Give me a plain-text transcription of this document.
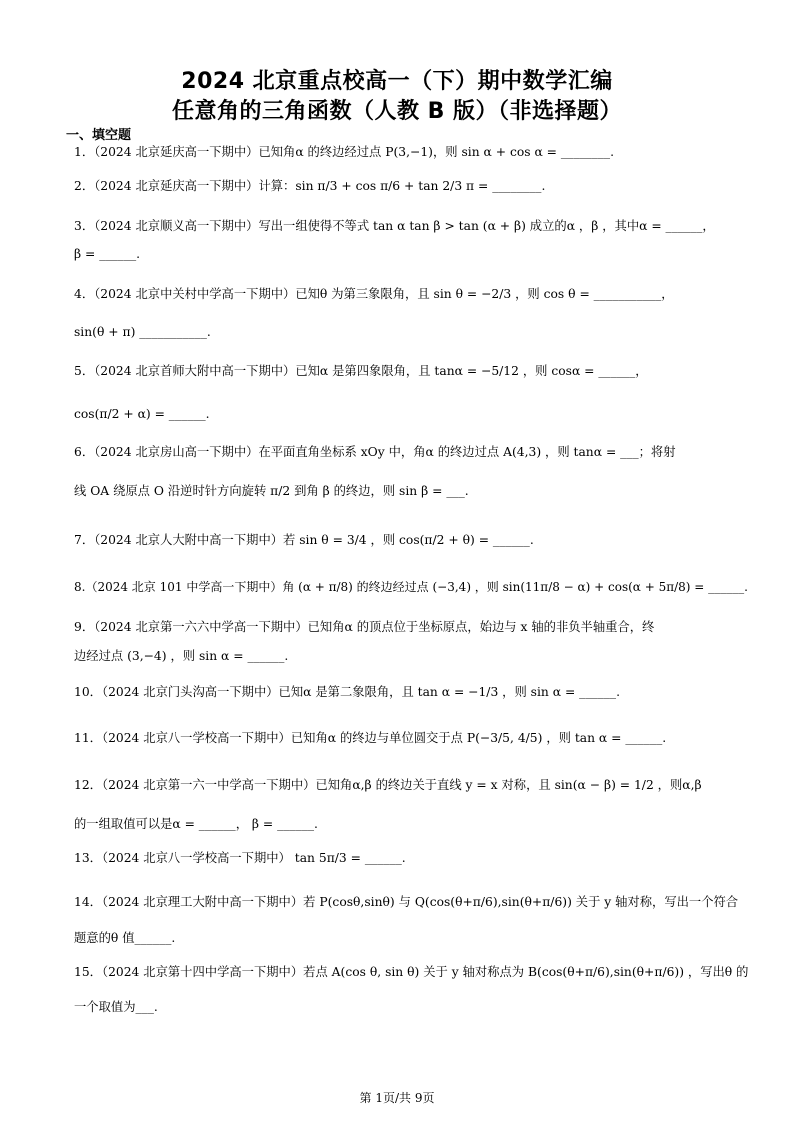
2024 北京重点校高一（下）期中数学汇编
任意角的三角函数（人教 B 版）（非选择题）
一、填空题
1．（2024 北京延庆高一下期中）已知角α 的终边经过点 P(3,−1)，则 sin α + cos α = ________.
2．（2024 北京延庆高一下期中）计算：sin π/3 + cos π/6 + tan 2/3 π = ________.
3．（2024 北京顺义高一下期中）写出一组使得不等式 tan α tan β > tan (α + β) 成立的α ，β ，其中α = ______，
β = ______.
4．（2024 北京中关村中学高一下期中）已知θ 为第三象限角，且 sin θ = −2/3 ，则 cos θ = ___________，
sin(θ + π) ___________.
5．（2024 北京首师大附中高一下期中）已知α 是第四象限角，且 tanα = −5/12 ，则 cosα = ______，
cos(π/2 + α) = ______.
6．（2024 北京房山高一下期中）在平面直角坐标系 xOy 中，角α 的终边过点 A(4,3) ，则 tanα = ___；将射
线 OA 绕原点 O 沿逆时针方向旋转 π/2 到角 β 的终边，则 sin β = ___.
7．（2024 北京人大附中高一下期中）若 sin θ = 3/4 ，则 cos(π/2 + θ) = ______.
8.（2024 北京 101 中学高一下期中）角 (α + π/8) 的终边经过点 (−3,4) ，则 sin(11π/8 − α) + cos(α + 5π/8) = ______.
9．（2024 北京第一六六中学高一下期中）已知角α 的顶点位于坐标原点，始边与 x 轴的非负半轴重合，终
边经过点 (3,−4) ，则 sin α = ______.
10．（2024 北京门头沟高一下期中）已知α 是第二象限角，且 tan α = −1/3 ，则 sin α = ______.
11．（2024 北京八一学校高一下期中）已知角α 的终边与单位圆交于点 P(−3/5, 4/5) ，则 tan α = ______.
12．（2024 北京第一六一中学高一下期中）已知角α,β 的终边关于直线 y = x 对称，且 sin(α − β) = 1/2 ，则α,β
的一组取值可以是α = ______， β = ______.
13．（2024 北京八一学校高一下期中） tan 5π/3 = ______.
14．（2024 北京理工大附中高一下期中）若 P(cosθ,sinθ) 与 Q(cos(θ+π/6),sin(θ+π/6)) 关于 y 轴对称，写出一个符合
题意的θ 值______.
15．（2024 北京第十四中学高一下期中）若点 A(cos θ, sin θ) 关于 y 轴对称点为 B(cos(θ+π/6),sin(θ+π/6)) ，写出θ 的
一个取值为___.
第 1页/共 9页
